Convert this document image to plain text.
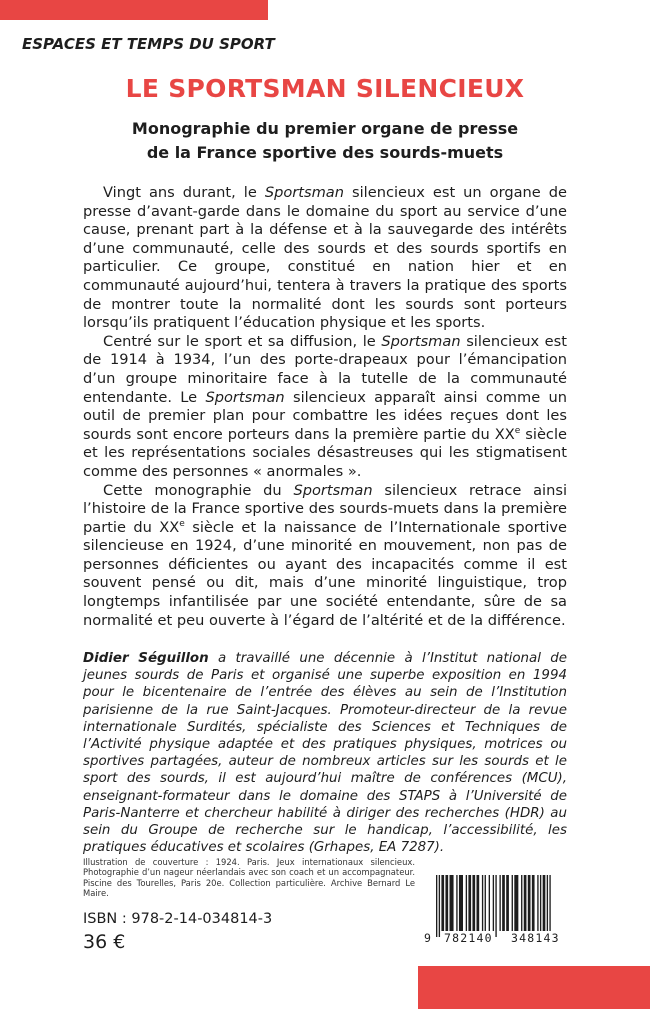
ESPACES ET TEMPS DU SPORT
LE SPORTSMAN SILENCIEUX
Monographie du premier organe de presse
de la France sportive des sourds-muets

Vingt ans durant, le Sportsman silencieux est un organe de presse d’avant-garde dans le domaine du sport au service d’une cause, prenant part à la défense et à la sauvegarde des intérêts d’une communauté, celle des sourds et des sourds sportifs en particulier. Ce groupe, constitué en nation hier et en communauté aujourd’hui, tentera à travers la pratique des sports de montrer toute la normalité dont les sourds sont porteurs lorsqu’ils pratiquent l’éducation physique et les sports.

Centré sur le sport et sa diffusion, le Sportsman silencieux est de 1914 à 1934, l’un des porte-drapeaux pour l’émancipation d’un groupe minoritaire face à la tutelle de la communauté entendante. Le Sportsman silencieux apparaît ainsi comme un outil de premier plan pour combattre les idées reçues dont les sourds sont encore porteurs dans la première partie du XXe siècle et les représentations sociales désastreuses qui les stigmatisent comme des personnes « anormales ».

Cette monographie du Sportsman silencieux retrace ainsi l’histoire de la France sportive des sourds-muets dans la première partie du XXe siècle et la naissance de l’Internationale sportive silencieuse en 1924, d’une minorité en mouvement, non pas de personnes déficientes ou ayant des incapacités comme il est souvent pensé ou dit, mais d’une minorité linguistique, trop longtemps infantilisée par une société entendante, sûre de sa normalité et peu ouverte à l’égard de l’altérité et de la différence.

Didier Séguillon a travaillé une décennie à l’Institut national de jeunes sourds de Paris et organisé une superbe exposition en 1994 pour le bicentenaire de l’entrée des élèves au sein de l’Institution parisienne de la rue Saint-Jacques. Promoteur-directeur de la revue internationale Surdités, spécialiste des Sciences et Techniques de l’Activité physique adaptée et des pratiques physiques, motrices ou sportives partagées, auteur de nombreux articles sur les sourds et le sport des sourds, il est aujourd’hui maître de conférences (MCU), enseignant-formateur dans le domaine des STAPS à l’Université de Paris-Nanterre et chercheur habilité à diriger des recherches (HDR) au sein du Groupe de recherche sur le handicap, l’accessibilité, les pratiques éducatives et scolaires (Grhapes, EA 7287).

Illustration de couverture : 1924. Paris. Jeux internationaux silencieux. Photographie d’un nageur néerlandais avec son coach et un accompagnateur. Piscine des Tourelles, Paris 20e. Collection particulière. Archive Bernard Le Maire.
ISBN : 978-2-14-034814-3
36 €	9 782140 348143
